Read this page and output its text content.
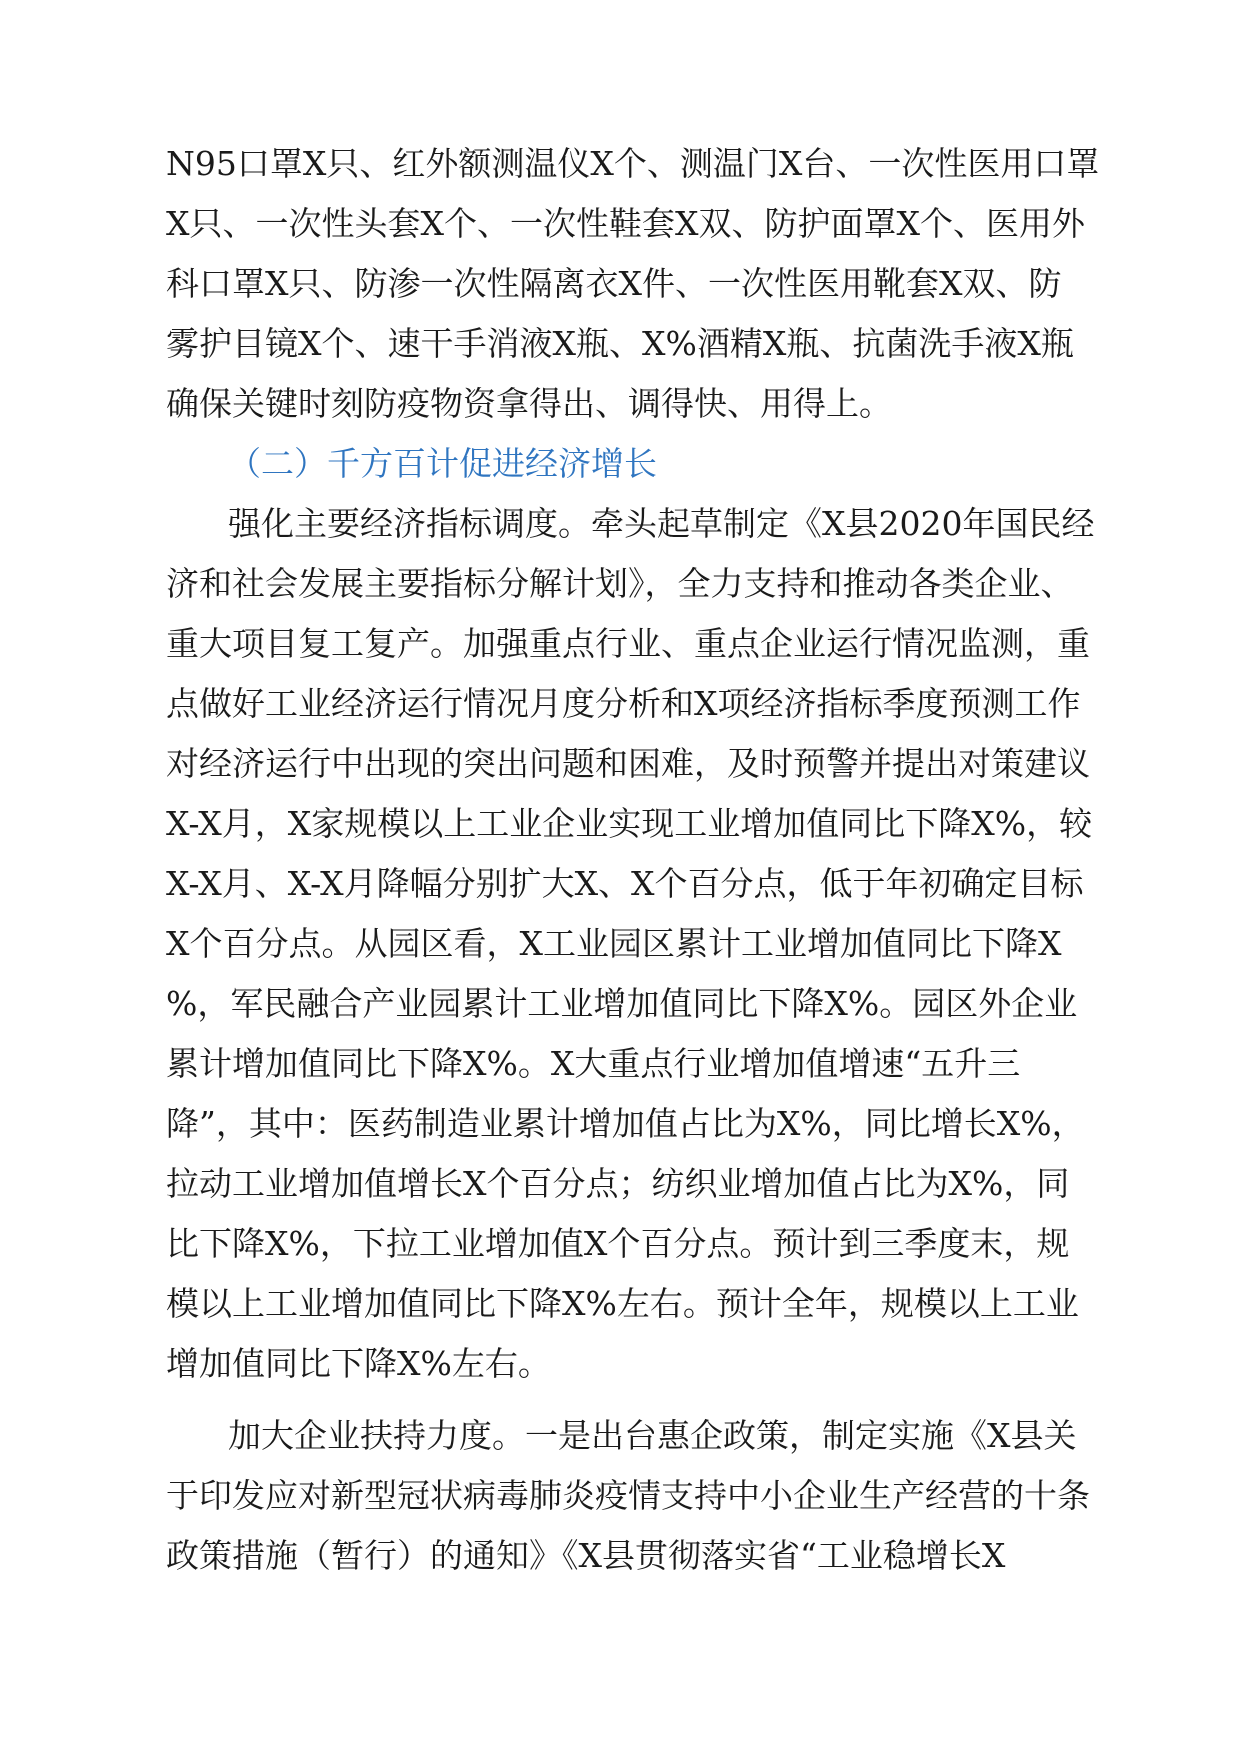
N95口罩X只、红外额测温仪X个、测温门X台、一次性医用口罩
X只、一次性头套X个、一次性鞋套X双、防护面罩X个、医用外
科口罩X只、防渗一次性隔离衣X件、一次性医用靴套X双、防
雾护目镜X个、速干手消液X瓶、X%酒精X瓶、抗菌洗手液X瓶
确保关键时刻防疫物资拿得出、调得快、用得上。
（二）千方百计促进经济增长
强化主要经济指标调度。牵头起草制定《X县2020年国民经
济和社会发展主要指标分解计划》，全力支持和推动各类企业、
重大项目复工复产。加强重点行业、重点企业运行情况监测，重
点做好工业经济运行情况月度分析和X项经济指标季度预测工作
对经济运行中出现的突出问题和困难，及时预警并提出对策建议
X-X月，X家规模以上工业企业实现工业增加值同比下降X%，较
X-X月、X-X月降幅分别扩大X、X个百分点，低于年初确定目标
X个百分点。从园区看，X工业园区累计工业增加值同比下降X
%，军民融合产业园累计工业增加值同比下降X%。园区外企业
累计增加值同比下降X%。X大重点行业增加值增速“五升三
降”，其中：医药制造业累计增加值占比为X%，同比增长X%，
拉动工业增加值增长X个百分点；纺织业增加值占比为X%，同
比下降X%，下拉工业增加值X个百分点。预计到三季度末，规
模以上工业增加值同比下降X%左右。预计全年，规模以上工业
增加值同比下降X%左右。
加大企业扶持力度。一是出台惠企政策，制定实施《X县关
于印发应对新型冠状病毒肺炎疫情支持中小企业生产经营的十条
政策措施（暂行）的通知》《X县贯彻落实省“工业稳增长X
